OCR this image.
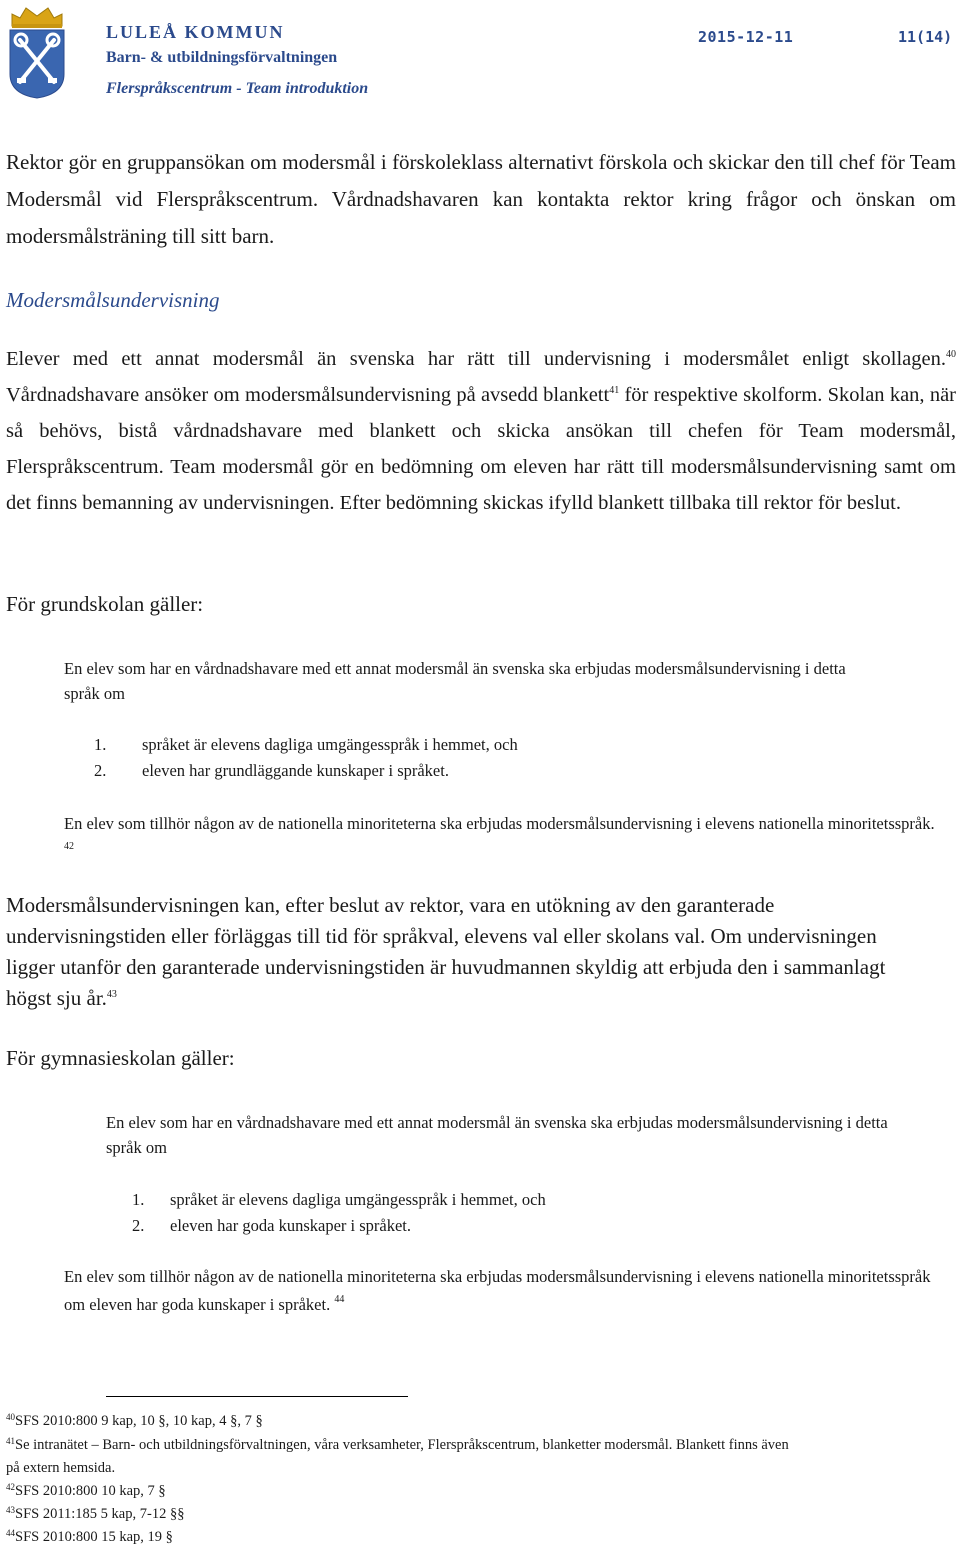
LULEÅ KOMMUN
Barn- & utbildningsförvaltningen
Flerspråkscentrum - Team introduktion
2015-12-11	11(14)

Rektor gör en gruppansökan om modersmål i förskoleklass alternativt förskola och skickar den till chef för Team Modersmål vid Flerspråkscentrum. Vårdnadshavaren kan kontakta rektor kring frågor och önskan om modersmålsträning till sitt barn.

Modersmålsundervisning

Elever med ett annat modersmål än svenska har rätt till undervisning i modersmålet enligt skollagen.$^{40}$ Vårdnadshavare ansöker om modersmålsundervisning på avsedd blankett$^{41}$ för respektive skolform. Skolan kan, när så behövs, bistå vårdnadshavare med blankett och skicka ansökan till chefen för Team modersmål, Flerspråkscentrum. Team modersmål gör en bedömning om eleven har rätt till modersmålsundervisning samt om det finns bemanning av undervisningen. Efter bedömning skickas ifylld blankett tillbaka till rektor för beslut.

För grundskolan gäller:

En elev som har en vårdnadshavare med ett annat modersmål än svenska ska erbjudas modersmålsundervisning i detta språk om

1. språket är elevens dagliga umgängesspråk i hemmet, och
2. eleven har grundläggande kunskaper i språket.

En elev som tillhör någon av de nationella minoriteterna ska erbjudas modersmålsundervisning i elevens nationella minoritetsspråk. $^{42}$

Modersmålsundervisningen kan, efter beslut av rektor, vara en utökning av den garanterade undervisningstiden eller förläggas till tid för språkval, elevens val eller skolans val. Om undervisningen ligger utanför den garanterade undervisningstiden är huvudmannen skyldig att erbjuda den i sammanlagt högst sju år.$^{43}$

För gymnasieskolan gäller:

En elev som har en vårdnadshavare med ett annat modersmål än svenska ska erbjudas modersmålsundervisning i detta språk om

1. språket är elevens dagliga umgängesspråk i hemmet, och
2. eleven har goda kunskaper i språket.

En elev som tillhör någon av de nationella minoriteterna ska erbjudas modersmålsundervisning i elevens nationella minoritetsspråk om eleven har goda kunskaper i språket. $^{44}$

$^{40}$SFS 2010:800 9 kap, 10 §, 10 kap, 4 §, 7 §
$^{41}$Se intranätet – Barn- och utbildningsförvaltningen, våra verksamheter, Flerspråkscentrum, blanketter modersmål. Blankett finns även på extern hemsida.
$^{42}$SFS 2010:800 10 kap, 7 §
$^{43}$SFS 2011:185 5 kap, 7-12 §§
$^{44}$SFS 2010:800 15 kap, 19 §
